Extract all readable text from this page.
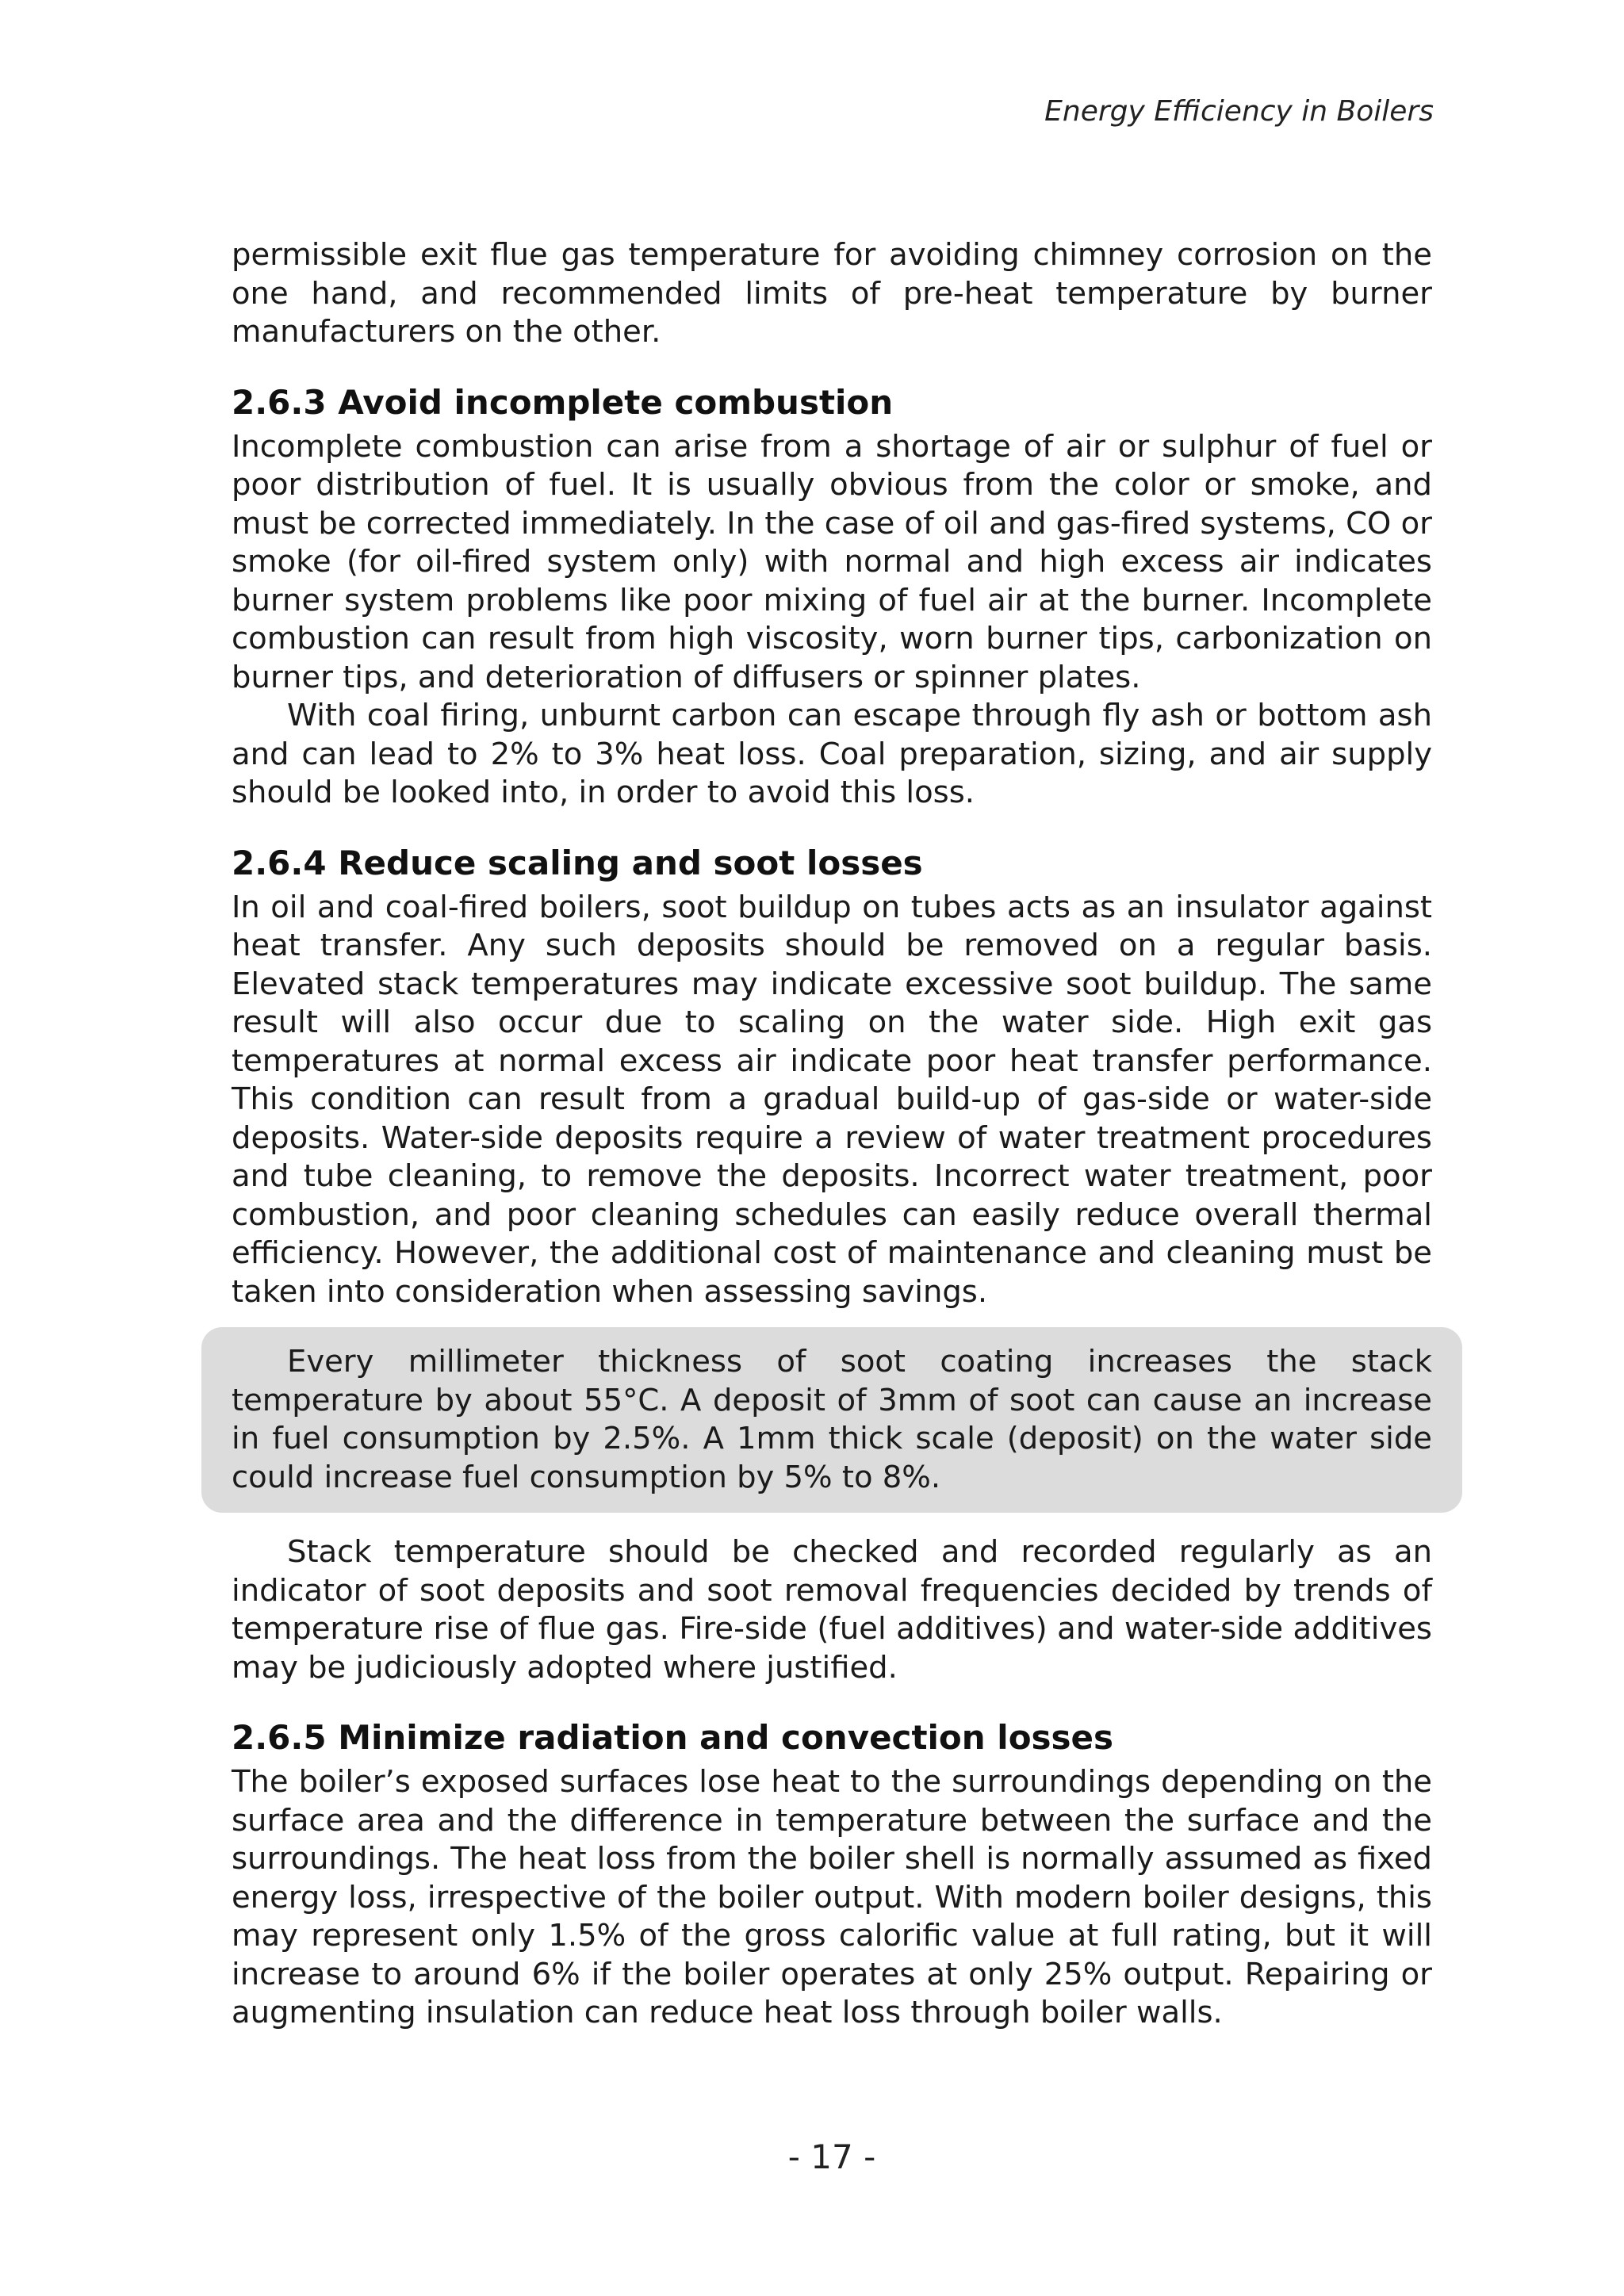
Energy Efficiency in Boilers

permissible exit flue gas temperature for avoiding chimney corrosion on the one hand, and recommended limits of pre-heat temperature by burner manufacturers on the other.

2.6.3 Avoid incomplete combustion

Incomplete combustion can arise from a shortage of air or sulphur of fuel or poor distribution of fuel. It is usually obvious from the color or smoke, and must be corrected immediately. In the case of oil and gas-fired systems, CO or smoke (for oil-fired system only) with normal and high excess air indicates burner system problems like poor mixing of fuel air at the burner. Incomplete combustion can result from high viscosity, worn burner tips, carbonization on burner tips, and deterioration of diffusers or spinner plates.

With coal firing, unburnt carbon can escape through fly ash or bottom ash and can lead to 2% to 3% heat loss. Coal preparation, sizing, and air supply should be looked into, in order to avoid this loss.

2.6.4 Reduce scaling and soot losses

In oil and coal-fired boilers, soot buildup on tubes acts as an insulator against heat transfer. Any such deposits should be removed on a regular basis. Elevated stack temperatures may indicate excessive soot buildup. The same result will also occur due to scaling on the water side. High exit gas temperatures at normal excess air indicate poor heat transfer performance. This condition can result from a gradual build-up of gas-side or water-side deposits. Water-side deposits require a review of water treatment procedures and tube cleaning, to remove the deposits. Incorrect water treatment, poor combustion, and poor cleaning schedules can easily reduce overall thermal efficiency. However, the additional cost of maintenance and cleaning must be taken into consideration when assessing savings.

Every millimeter thickness of soot coating increases the stack temperature by about 55°C. A deposit of 3mm of soot can cause an increase in fuel consumption by 2.5%. A 1mm thick scale (deposit) on the water side could increase fuel consumption by 5% to 8%.

Stack temperature should be checked and recorded regularly as an indicator of soot deposits and soot removal frequencies decided by trends of temperature rise of flue gas. Fire-side (fuel additives) and water-side additives may be judiciously adopted where justified.

2.6.5 Minimize radiation and convection losses

The boiler’s exposed surfaces lose heat to the surroundings depending on the surface area and the difference in temperature between the surface and the surroundings. The heat loss from the boiler shell is normally assumed as fixed energy loss, irrespective of the boiler output. With modern boiler designs, this may represent only 1.5% of the gross calorific value at full rating, but it will increase to around 6% if the boiler operates at only 25% output. Repairing or augmenting insulation can reduce heat loss through boiler walls.

- 17 -
